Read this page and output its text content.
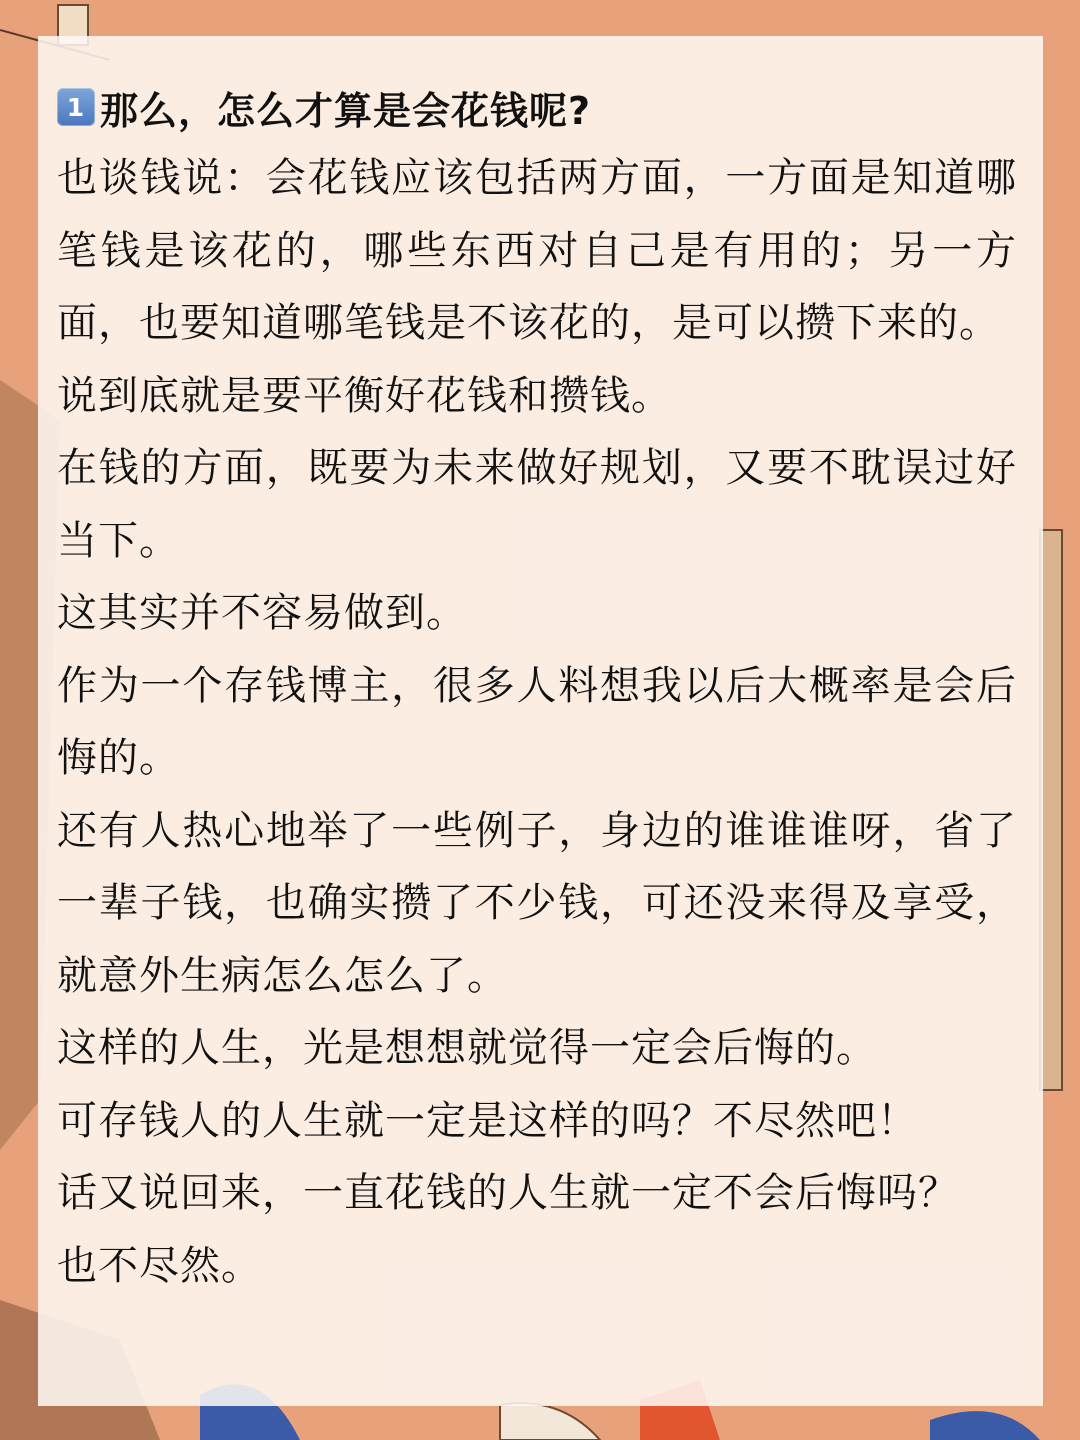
1 那么，怎么才算是会花钱呢?

也谈钱说：会花钱应该包括两方面，一方面是知道哪笔钱是该花的，哪些东西对自己是有用的；另一方面，也要知道哪笔钱是不该花的，是可以攒下来的。

说到底就是要平衡好花钱和攒钱。

在钱的方面，既要为未来做好规划，又要不耽误过好当下。

这其实并不容易做到。

作为一个存钱博主，很多人料想我以后大概率是会后悔的。

还有人热心地举了一些例子，身边的谁谁谁呀，省了一辈子钱，也确实攒了不少钱，可还没来得及享受，就意外生病怎么怎么了。

这样的人生，光是想想就觉得一定会后悔的。

可存钱人的人生就一定是这样的吗？不尽然吧！

话又说回来，一直花钱的人生就一定不会后悔吗？

也不尽然。
